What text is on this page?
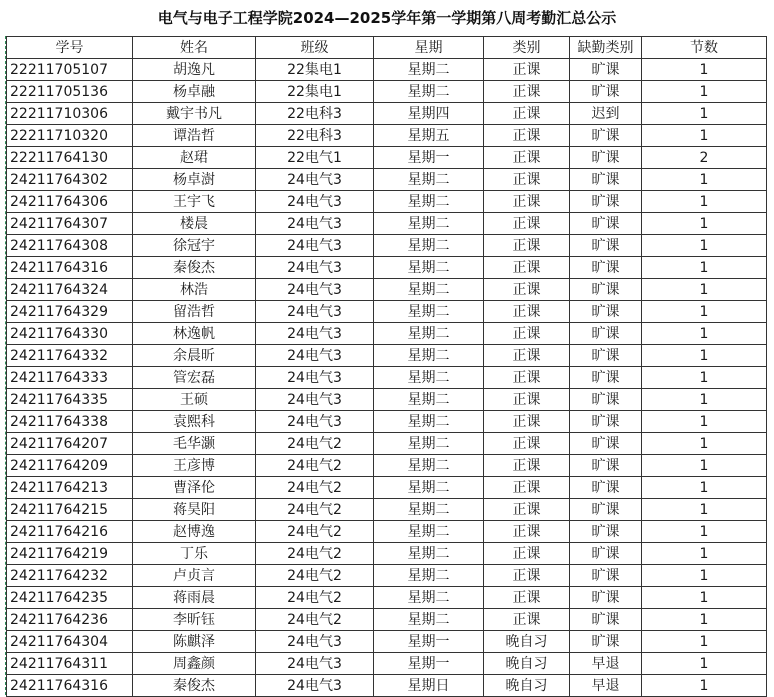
电气与电子工程学院2024—2025学年第一学期第八周考勤汇总公示
学号	姓名	班级	星期	类别	缺勤类别	节数
22211705107	胡逸凡	22集电1	星期二	正课	旷课	1
22211705136	杨卓融	22集电1	星期二	正课	旷课	1
22211710306	戴宇书凡	22电科3	星期四	正课	迟到	1
22211710320	谭浩哲	22电科3	星期五	正课	旷课	1
22211764130	赵珺	22电气1	星期一	正课	旷课	2
24211764302	杨卓澍	24电气3	星期二	正课	旷课	1
24211764306	王宇飞	24电气3	星期二	正课	旷课	1
24211764307	楼晨	24电气3	星期二	正课	旷课	1
24211764308	徐冠宇	24电气3	星期二	正课	旷课	1
24211764316	秦俊杰	24电气3	星期二	正课	旷课	1
24211764324	林浩	24电气3	星期二	正课	旷课	1
24211764329	留浩哲	24电气3	星期二	正课	旷课	1
24211764330	林逸帆	24电气3	星期二	正课	旷课	1
24211764332	余晨昕	24电气3	星期二	正课	旷课	1
24211764333	管宏磊	24电气3	星期二	正课	旷课	1
24211764335	王硕	24电气3	星期二	正课	旷课	1
24211764338	袁熙科	24电气3	星期二	正课	旷课	1
24211764207	毛华灏	24电气2	星期二	正课	旷课	1
24211764209	王彦博	24电气2	星期二	正课	旷课	1
24211764213	曹泽伦	24电气2	星期二	正课	旷课	1
24211764215	蒋昊阳	24电气2	星期二	正课	旷课	1
24211764216	赵博逸	24电气2	星期二	正课	旷课	1
24211764219	丁乐	24电气2	星期二	正课	旷课	1
24211764232	卢贞言	24电气2	星期二	正课	旷课	1
24211764235	蒋雨晨	24电气2	星期二	正课	旷课	1
24211764236	李昕钰	24电气2	星期二	正课	旷课	1
24211764304	陈麒泽	24电气3	星期一	晚自习	旷课	1
24211764311	周鑫颜	24电气3	星期一	晚自习	早退	1
24211764316	秦俊杰	24电气3	星期日	晚自习	早退	1
